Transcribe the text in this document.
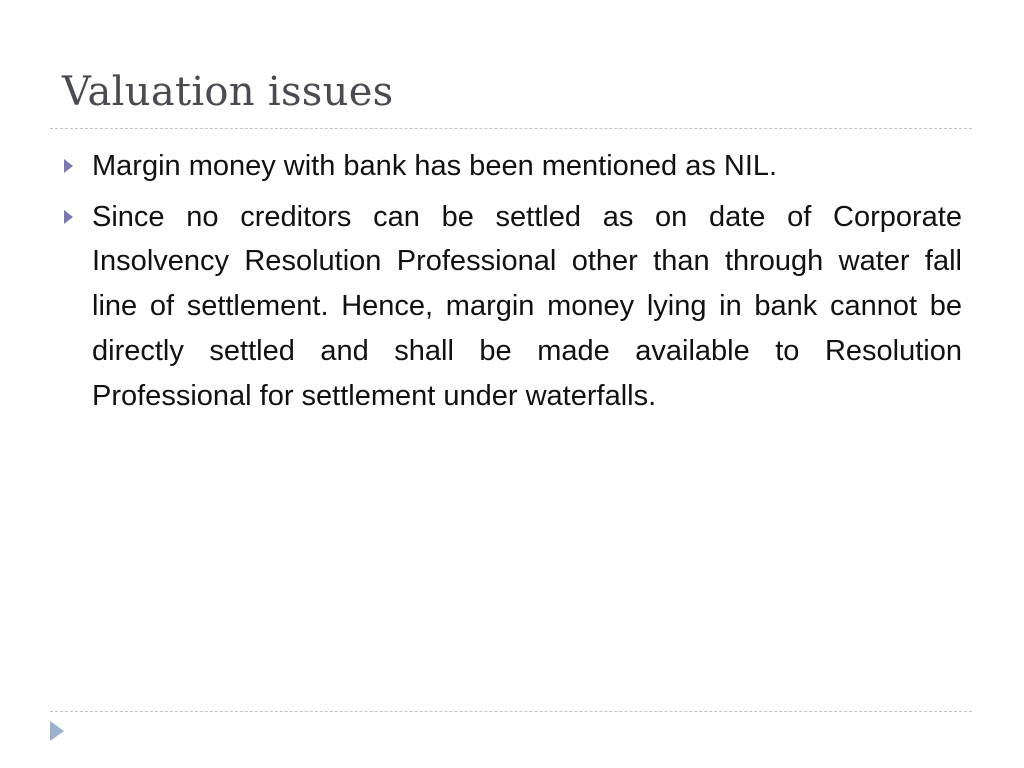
Valuation issues
Margin money with bank has been mentioned as NIL.
Since no creditors can be settled as on date of Corporate Insolvency Resolution Professional other than through water fall line of settlement. Hence, margin money lying in bank cannot be directly settled and shall be made available to Resolution Professional for settlement under waterfalls.
